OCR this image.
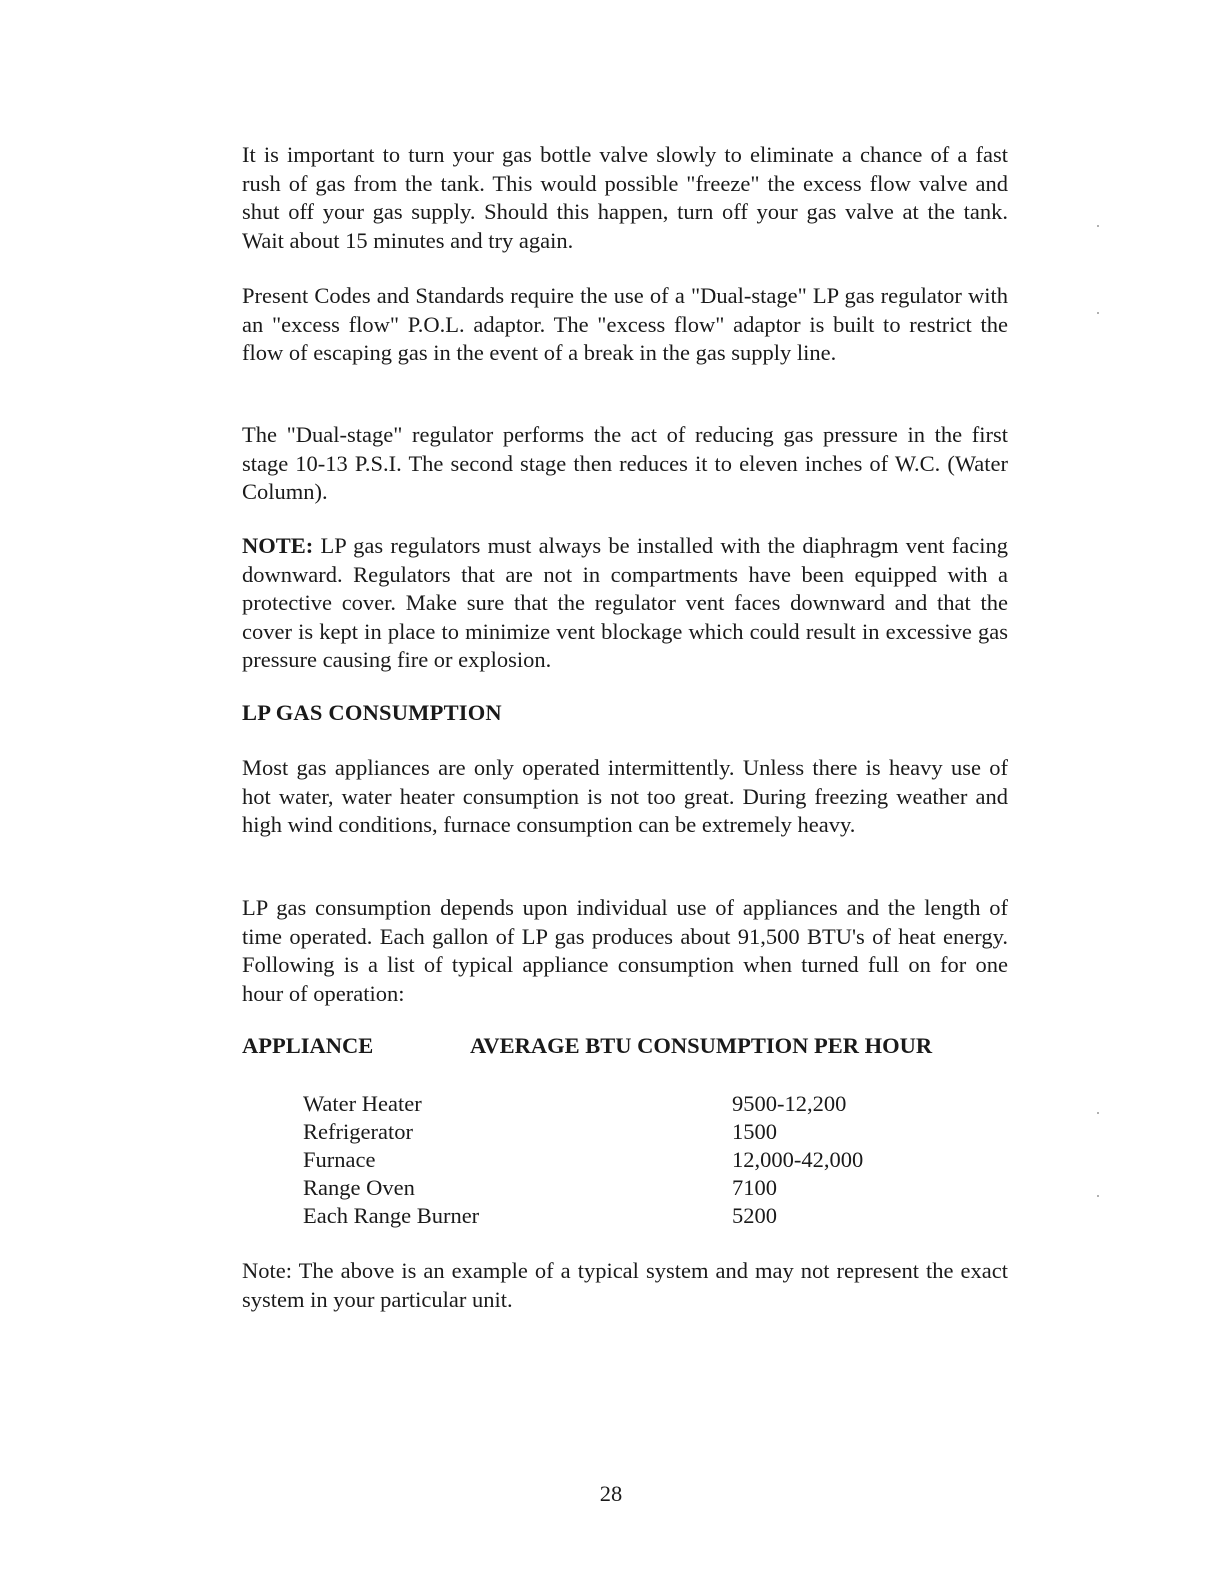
It is important to turn your gas bottle valve slowly to eliminate a chance of a fast rush of gas from the tank. This would possible "freeze" the excess flow valve and shut off your gas supply. Should this happen, turn off your gas valve at the tank. Wait about 15 minutes and try again.

Present Codes and Standards require the use of a "Dual-stage" LP gas regulator with an "excess flow" P.O.L. adaptor. The "excess flow" adaptor is built to restrict the flow of escaping gas in the event of a break in the gas supply line.

The "Dual-stage" regulator performs the act of reducing gas pressure in the first stage 10-13 P.S.I. The second stage then reduces it to eleven inches of W.C. (Water Column).

NOTE: LP gas regulators must always be installed with the diaphragm vent facing downward. Regulators that are not in compartments have been equipped with a protective cover. Make sure that the regulator vent faces downward and that the cover is kept in place to minimize vent blockage which could result in excessive gas pressure causing fire or explosion.

LP GAS CONSUMPTION

Most gas appliances are only operated intermittently. Unless there is heavy use of hot water, water heater consumption is not too great. During freezing weather and high wind conditions, furnace consumption can be extremely heavy.

LP gas consumption depends upon individual use of appliances and the length of time operated. Each gallon of LP gas produces about 91,500 BTU's of heat energy. Following is a list of typical appliance consumption when turned full on for one hour of operation:

APPLIANCE	AVERAGE BTU CONSUMPTION PER HOUR
Water Heater	9500-12,200
Refrigerator	1500
Furnace	12,000-42,000
Range Oven	7100
Each Range Burner	5200

Note: The above is an example of a typical system and may not represent the exact system in your particular unit.

28
